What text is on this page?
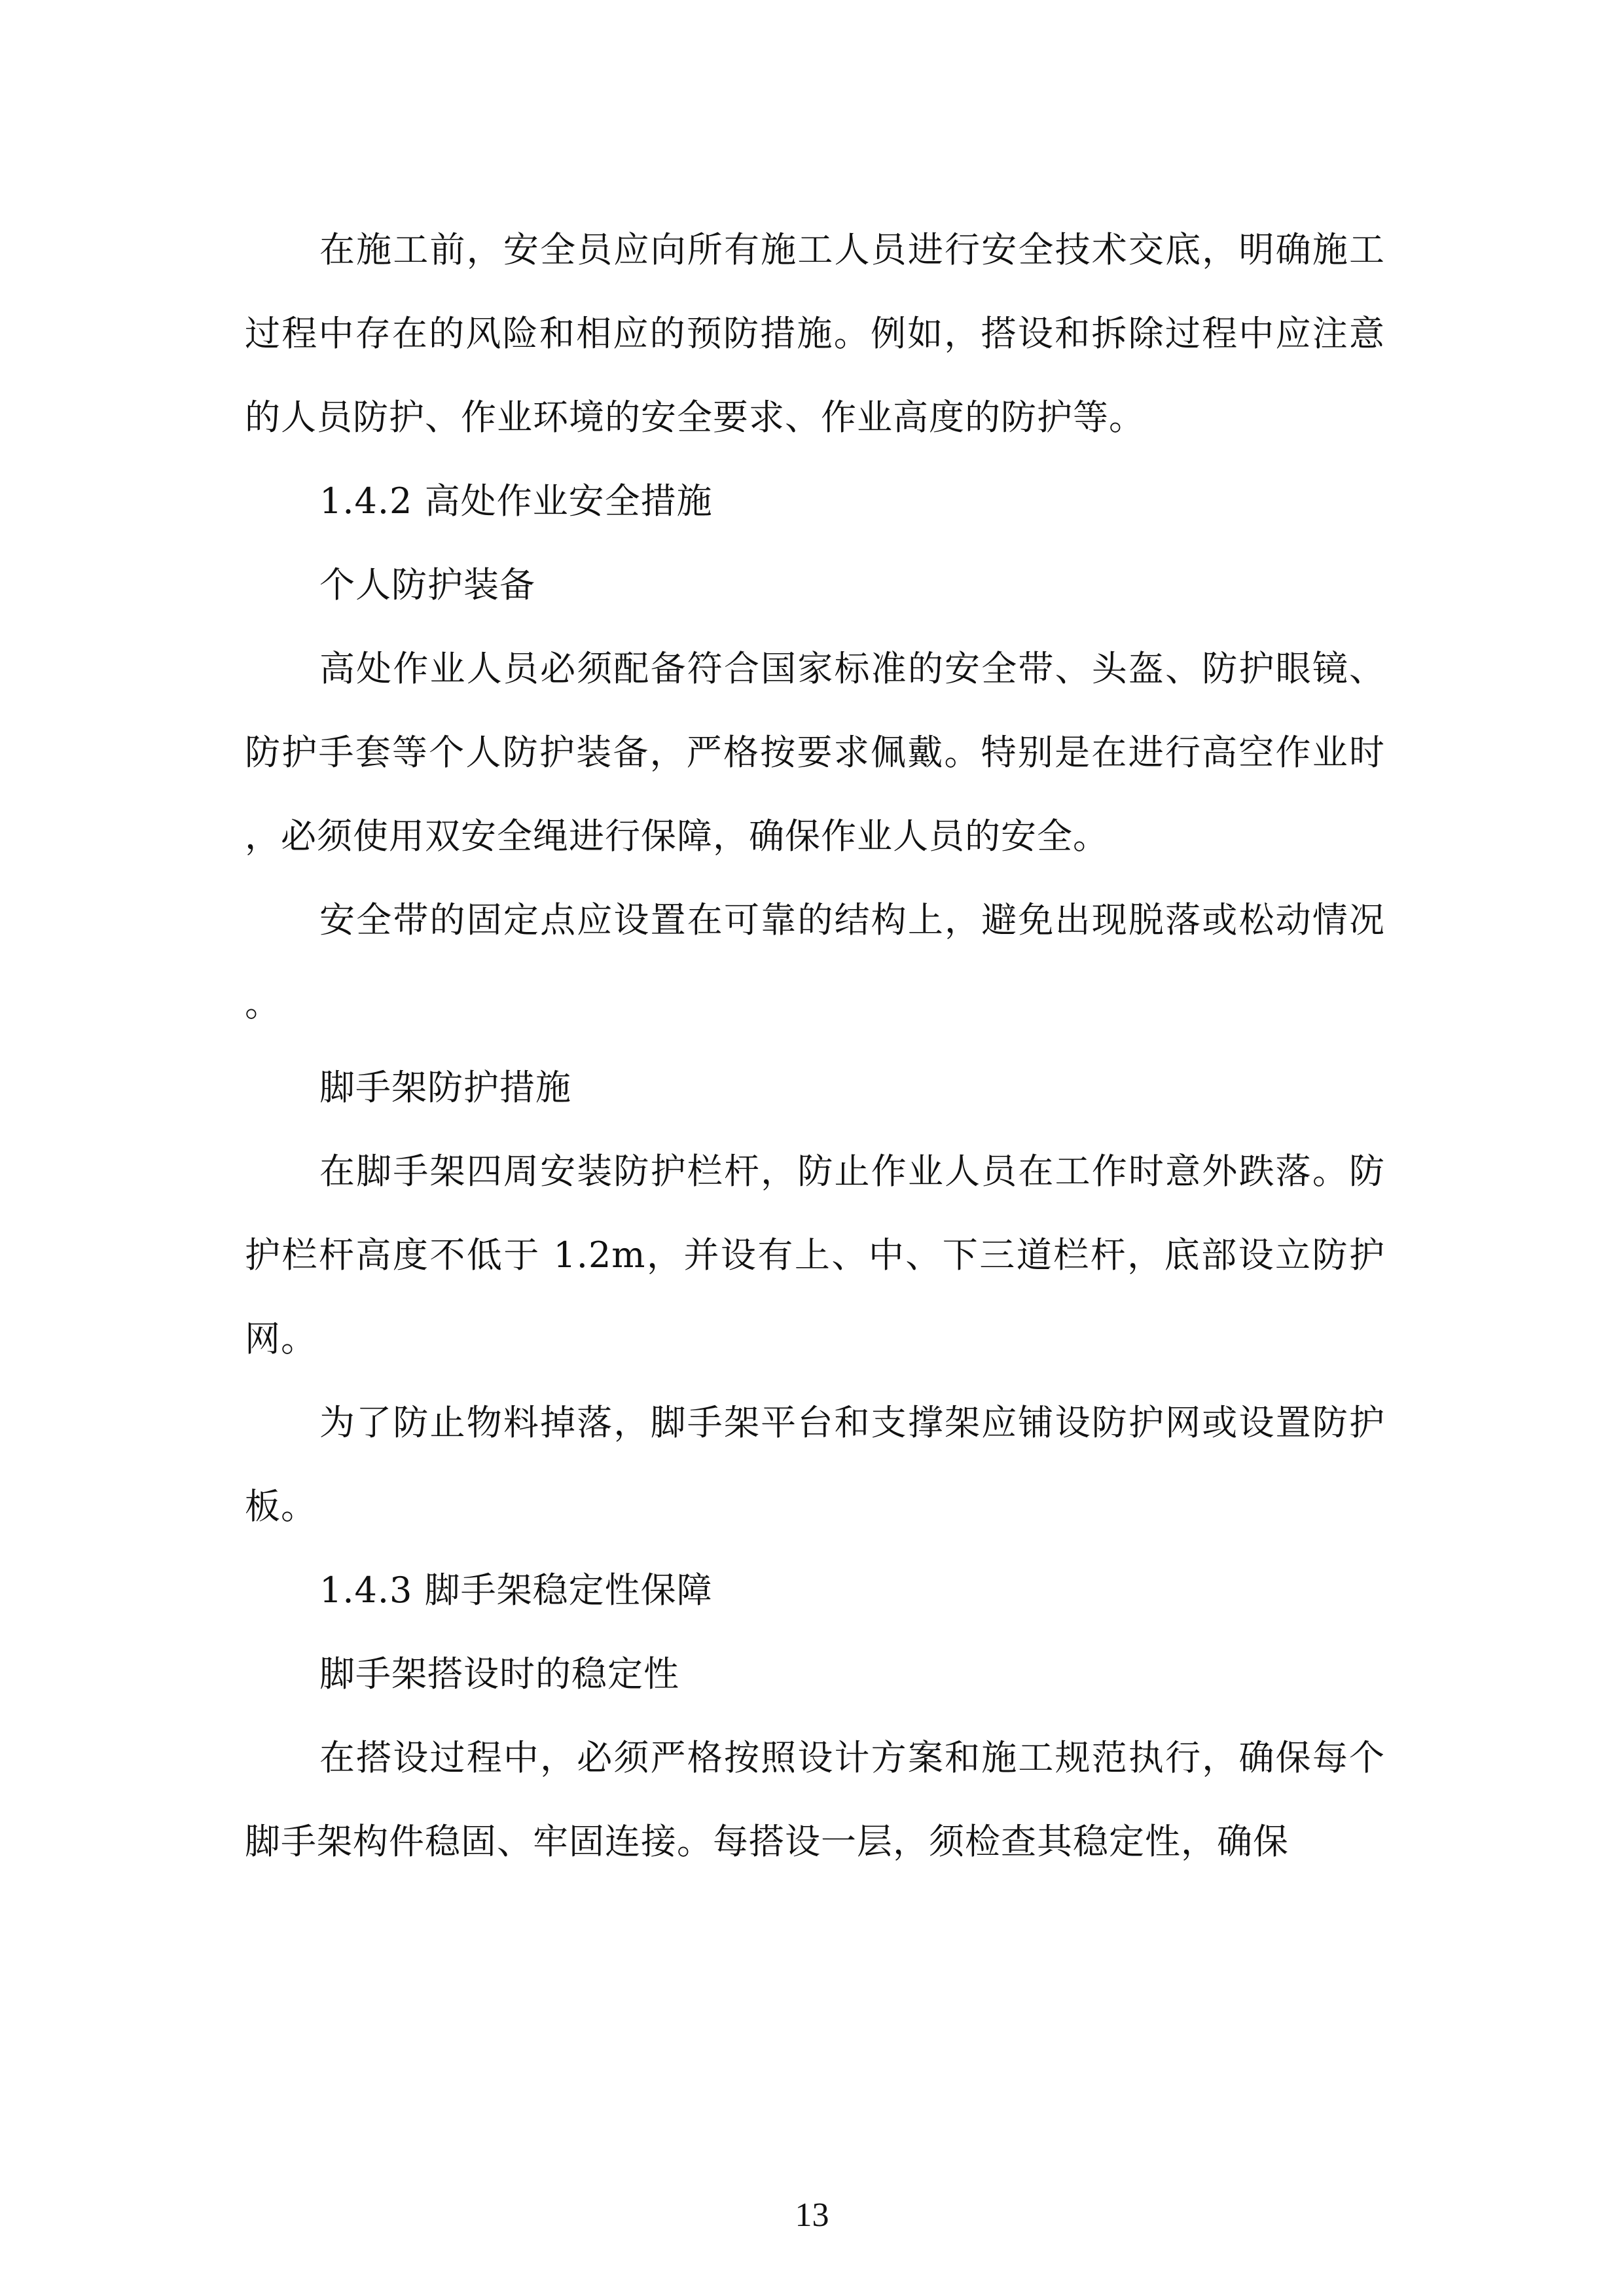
在施工前，安全员应向所有施工人员进行安全技术交底，明确施工过程中存在的风险和相应的预防措施。例如，搭设和拆除过程中应注意的人员防护、作业环境的安全要求、作业高度的防护等。

1.4.2 高处作业安全措施

个人防护装备

高处作业人员必须配备符合国家标准的安全带、头盔、防护眼镜、防护手套等个人防护装备，严格按要求佩戴。特别是在进行高空作业时，必须使用双安全绳进行保障，确保作业人员的安全。

安全带的固定点应设置在可靠的结构上，避免出现脱落或松动情况。

脚手架防护措施

在脚手架四周安装防护栏杆，防止作业人员在工作时意外跌落。防护栏杆高度不低于 1.2m，并设有上、中、下三道栏杆，底部设立防护网。

为了防止物料掉落，脚手架平台和支撑架应铺设防护网或设置防护板。

1.4.3 脚手架稳定性保障

脚手架搭设时的稳定性

在搭设过程中，必须严格按照设计方案和施工规范执行，确保每个脚手架构件稳固、牢固连接。每搭设一层，须检查其稳定性，确保

13
